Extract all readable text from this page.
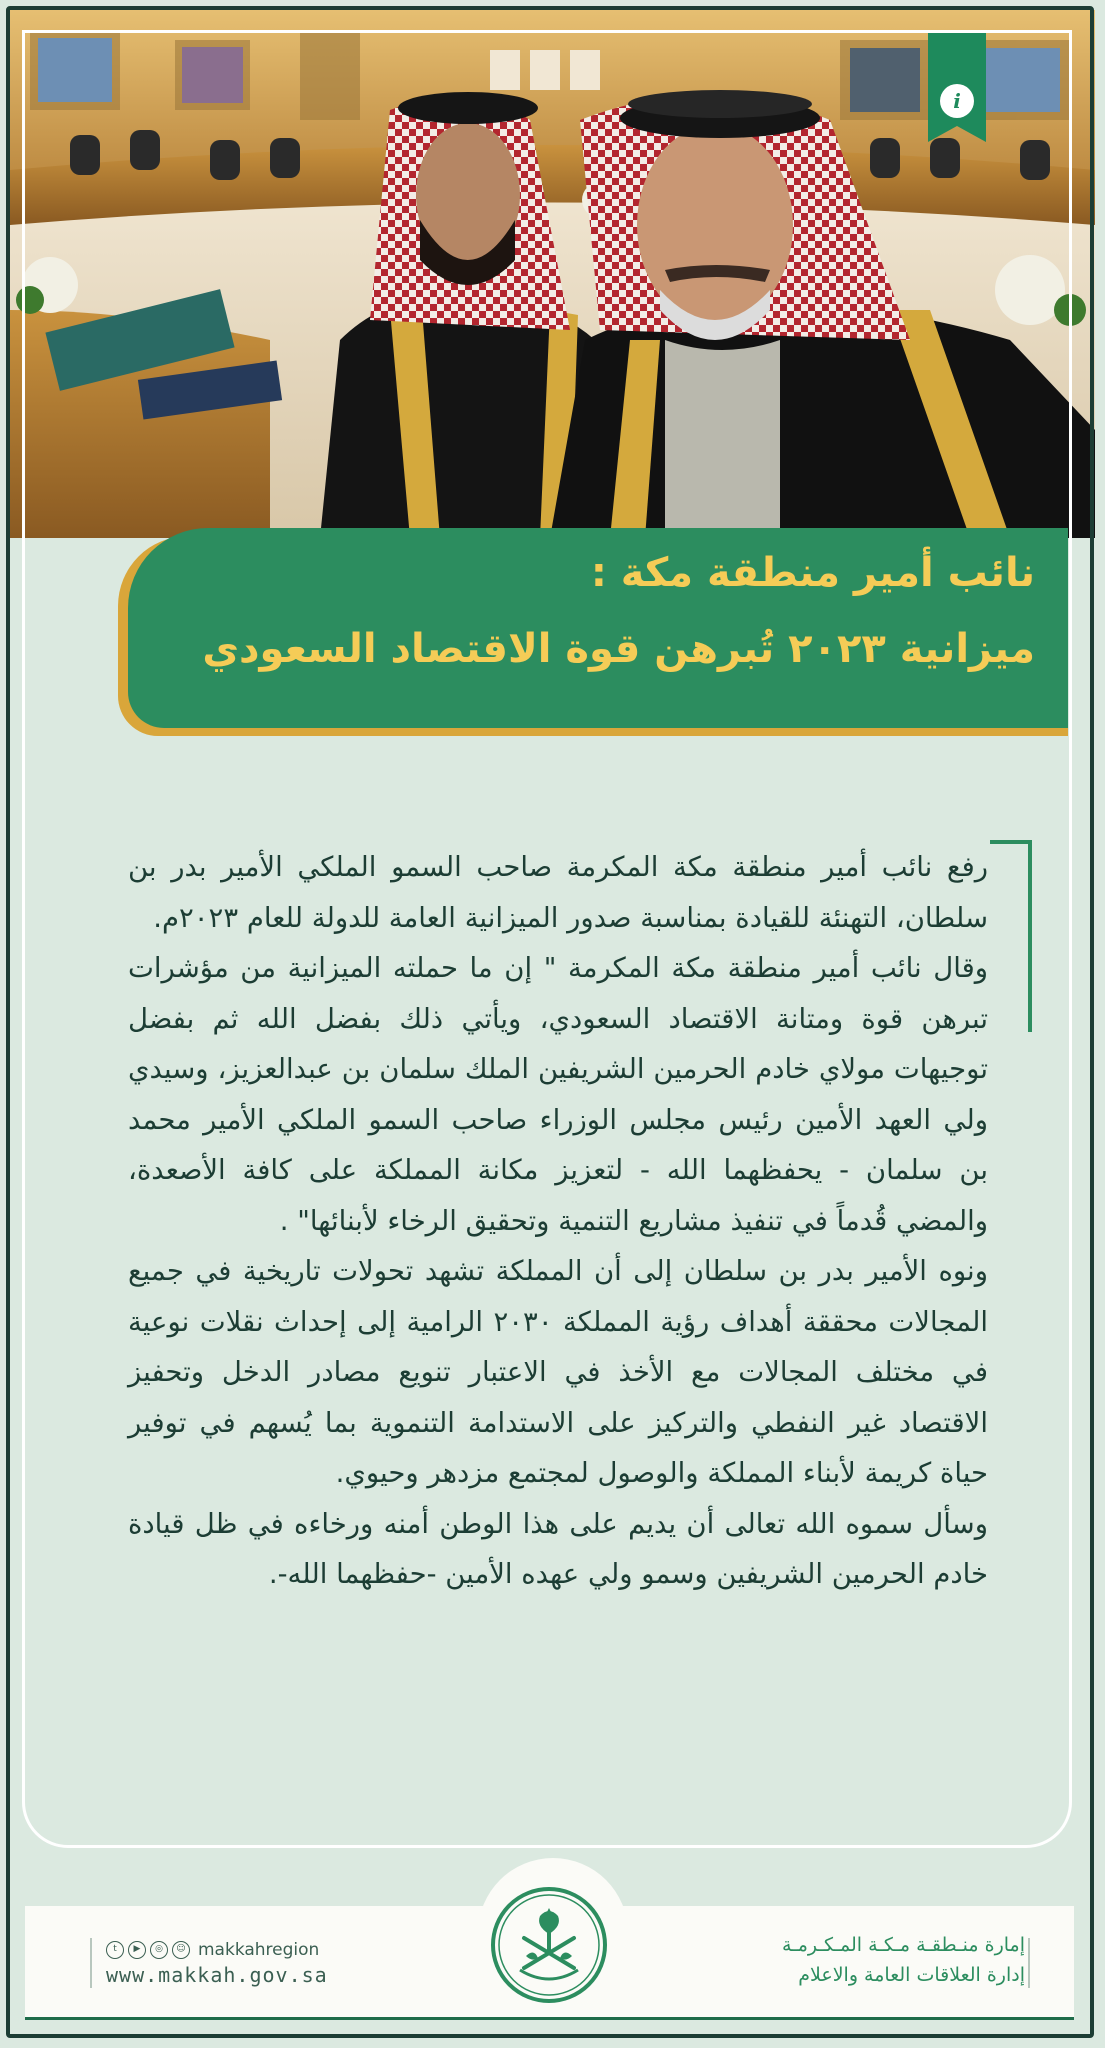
i
نائب أمير منطقة مكة :
ميزانية ٢٠٢٣ تُبرهن قوة الاقتصاد السعودي

رفع نائب أمير منطقة مكة المكرمة صاحب السمو الملكي الأمير بدر بن سلطان، التهنئة للقيادة بمناسبة صدور الميزانية العامة للدولة للعام ٢٠٢٣م.

وقال نائب أمير منطقة مكة المكرمة " إن ما حملته الميزانية من مؤشرات تبرهن قوة ومتانة الاقتصاد السعودي، ويأتي ذلك بفضل الله ثم بفضل توجيهات مولاي خادم الحرمين الشريفين الملك سلمان بن عبدالعزيز، وسيدي ولي العهد الأمين رئيس مجلس الوزراء صاحب السمو الملكي الأمير محمد بن سلمان - يحفظهما الله - لتعزيز مكانة المملكة على كافة الأصعدة، والمضي قُدماً في تنفيذ مشاريع التنمية وتحقيق الرخاء لأبنائها" .

ونوه الأمير بدر بن سلطان إلى أن المملكة تشهد تحولات تاريخية في جميع المجالات محققة أهداف رؤية المملكة ٢٠٣٠ الرامية إلى إحداث نقلات نوعية في مختلف المجالات مع الأخذ في الاعتبار تنويع مصادر الدخل وتحفيز الاقتصاد غير النفطي والتركيز على الاستدامة التنموية بما يُسهم في توفير حياة كريمة لأبناء المملكة والوصول لمجتمع مزدهر وحيوي.

وسأل سموه الله تعالى أن يديم على هذا الوطن أمنه ورخاءه في ظل قيادة خادم الحرمين الشريفين وسمو ولي عهده الأمين -حفظهما الله-.

إمارة منـطقـة مـكـة المـكـرمـة
إدارة العلاقات العامة والاعلام
t	▶	◎	☺ makkahregion
www.makkah.gov.sa
